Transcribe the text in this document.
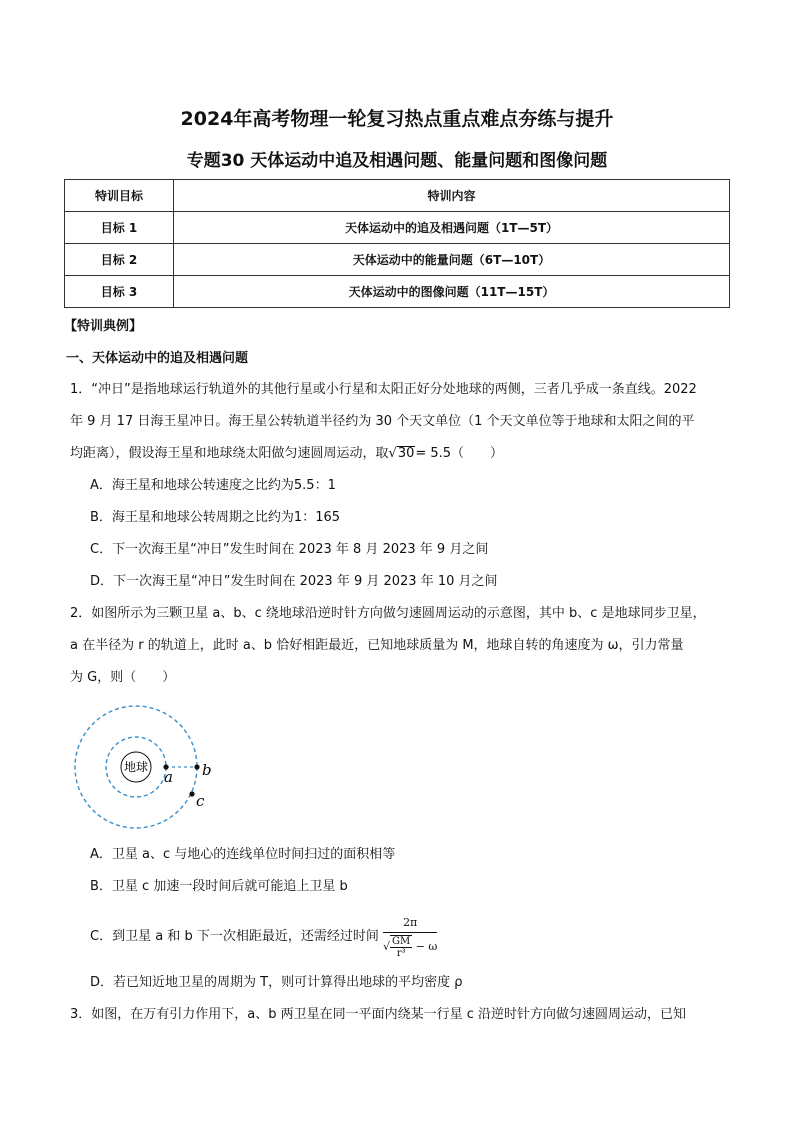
2024年高考物理一轮复习热点重点难点夯练与提升
专题30 天体运动中追及相遇问题、能量问题和图像问题
特训目标	特训内容
目标 1	天体运动中的追及相遇问题（1T—5T）
目标 2	天体运动中的能量问题（6T—10T）
目标 3	天体运动中的图像问题（11T—15T）
【特训典例】
一、天体运动中的追及相遇问题
1．“冲日”是指地球运行轨道外的其他行星或小行星和太阳正好分处地球的两侧，三者几乎成一条直线。2022
年 9 月 17 日海王星冲日。海王星公转轨道半径约为 30 个天文单位（1 个天文单位等于地球和太阳之间的平
均距离），假设海王星和地球绕太阳做匀速圆周运动，取√30= 5.5（　　）
A．海王星和地球公转速度之比约为5.5：1
B．海王星和地球公转周期之比约为1：165
C．下一次海王星“冲日”发生时间在 2023 年 8 月 2023 年 9 月之间
D．下一次海王星“冲日”发生时间在 2023 年 9 月 2023 年 10 月之间
2．如图所示为三颗卫星 a、b、c 绕地球沿逆时针方向做匀速圆周运动的示意图，其中 b、c 是地球同步卫星，
a 在半径为 r 的轨道上，此时 a、b 恰好相距最近，已知地球质量为 M，地球自转的角速度为 ω，引力常量
为 G，则（　　）
地球
a b
c
A．卫星 a、c 与地心的连线单位时间扫过的面积相等
B．卫星 c 加速一段时间后就可能追上卫星 b
C．到卫星 a 和 b 下一次相距最近，还需经过时间 $\frac{2\pi}{√ \frac{GM}{\text{r³}} - \omega}$
D．若已知近地卫星的周期为 T，则可计算得出地球的平均密度 ρ
3．如图，在万有引力作用下，a、b 两卫星在同一平面内绕某一行星 c 沿逆时针方向做匀速圆周运动，已知
